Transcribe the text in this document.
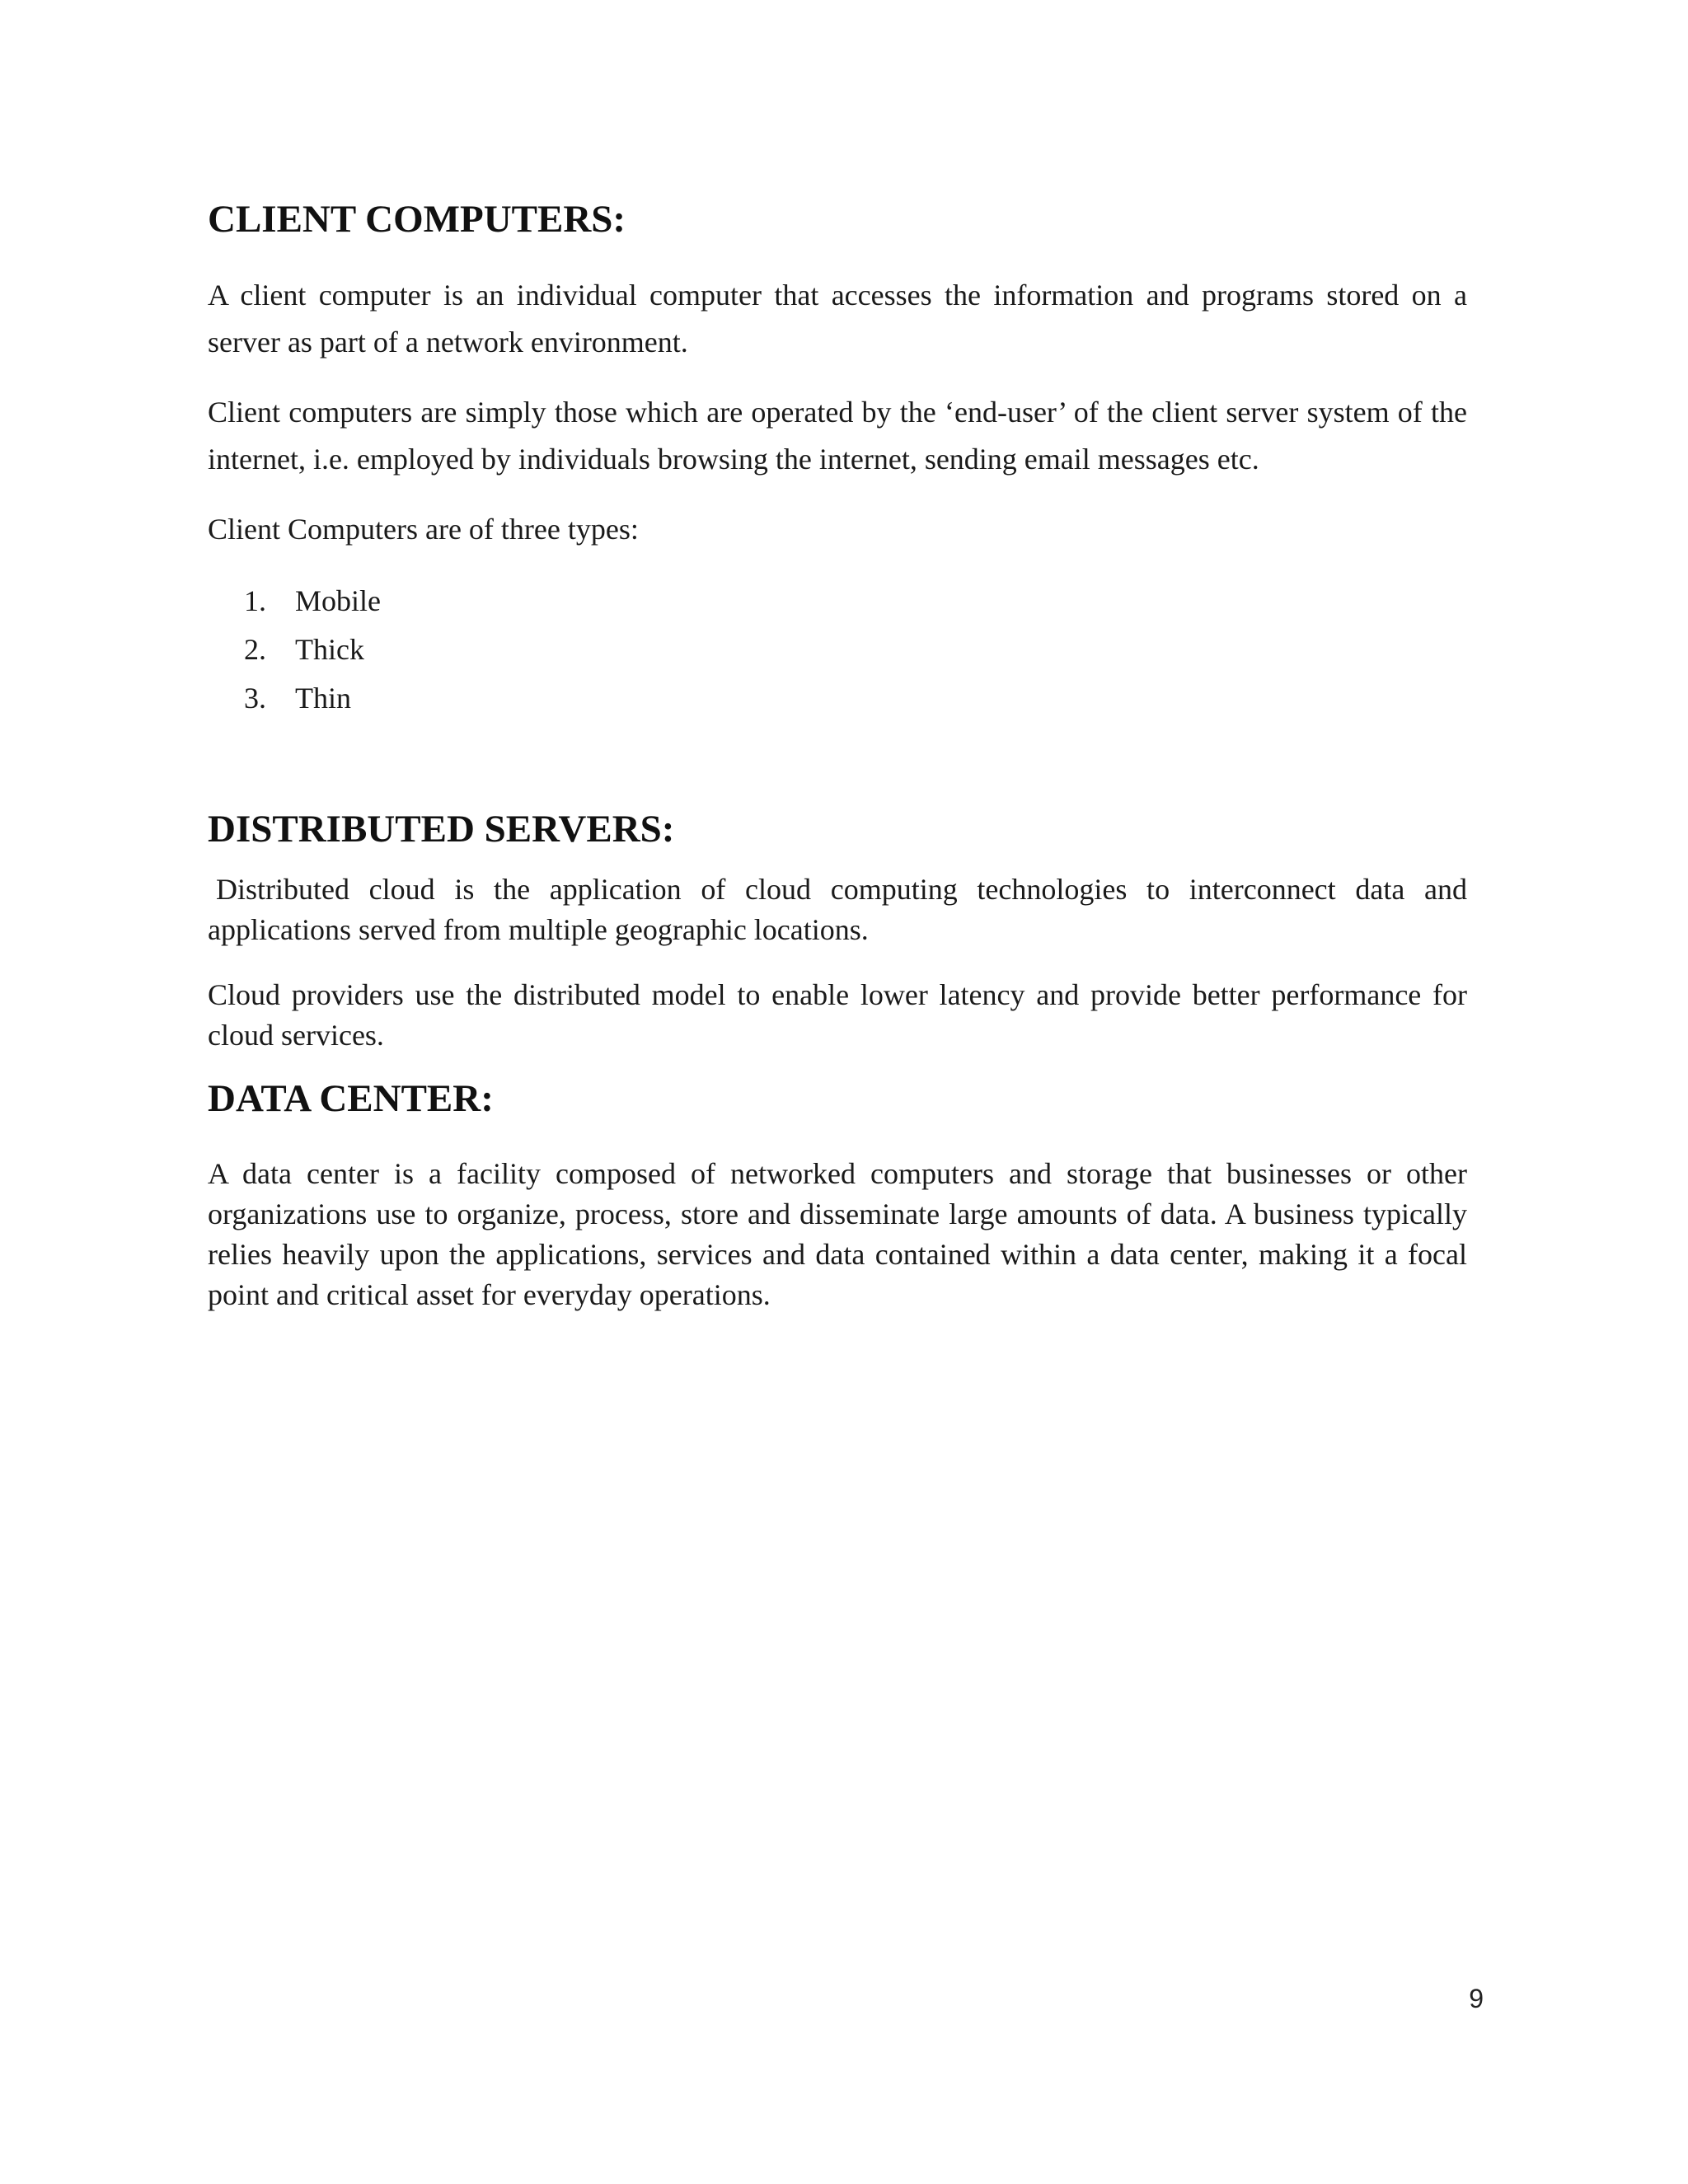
CLIENT COMPUTERS:

A client computer is an individual computer that accesses the information and programs stored on a server as part of a network environment.

Client computers are simply those which are operated by the ‘end-user’ of the client server system of the internet, i.e. employed by individuals browsing the internet, sending email messages etc.

Client Computers are of three types:

1. Mobile
2. Thick
3. Thin
DISTRIBUTED SERVERS:

Distributed cloud is the application of cloud computing technologies to interconnect data and applications served from multiple geographic locations.

Cloud providers use the distributed model to enable lower latency and provide better performance for cloud services.

DATA CENTER:

A data center is a facility composed of networked computers and storage that businesses or other organizations use to organize, process, store and disseminate large amounts of data. A business typically relies heavily upon the applications, services and data contained within a data center, making it a focal point and critical asset for everyday operations.

9
